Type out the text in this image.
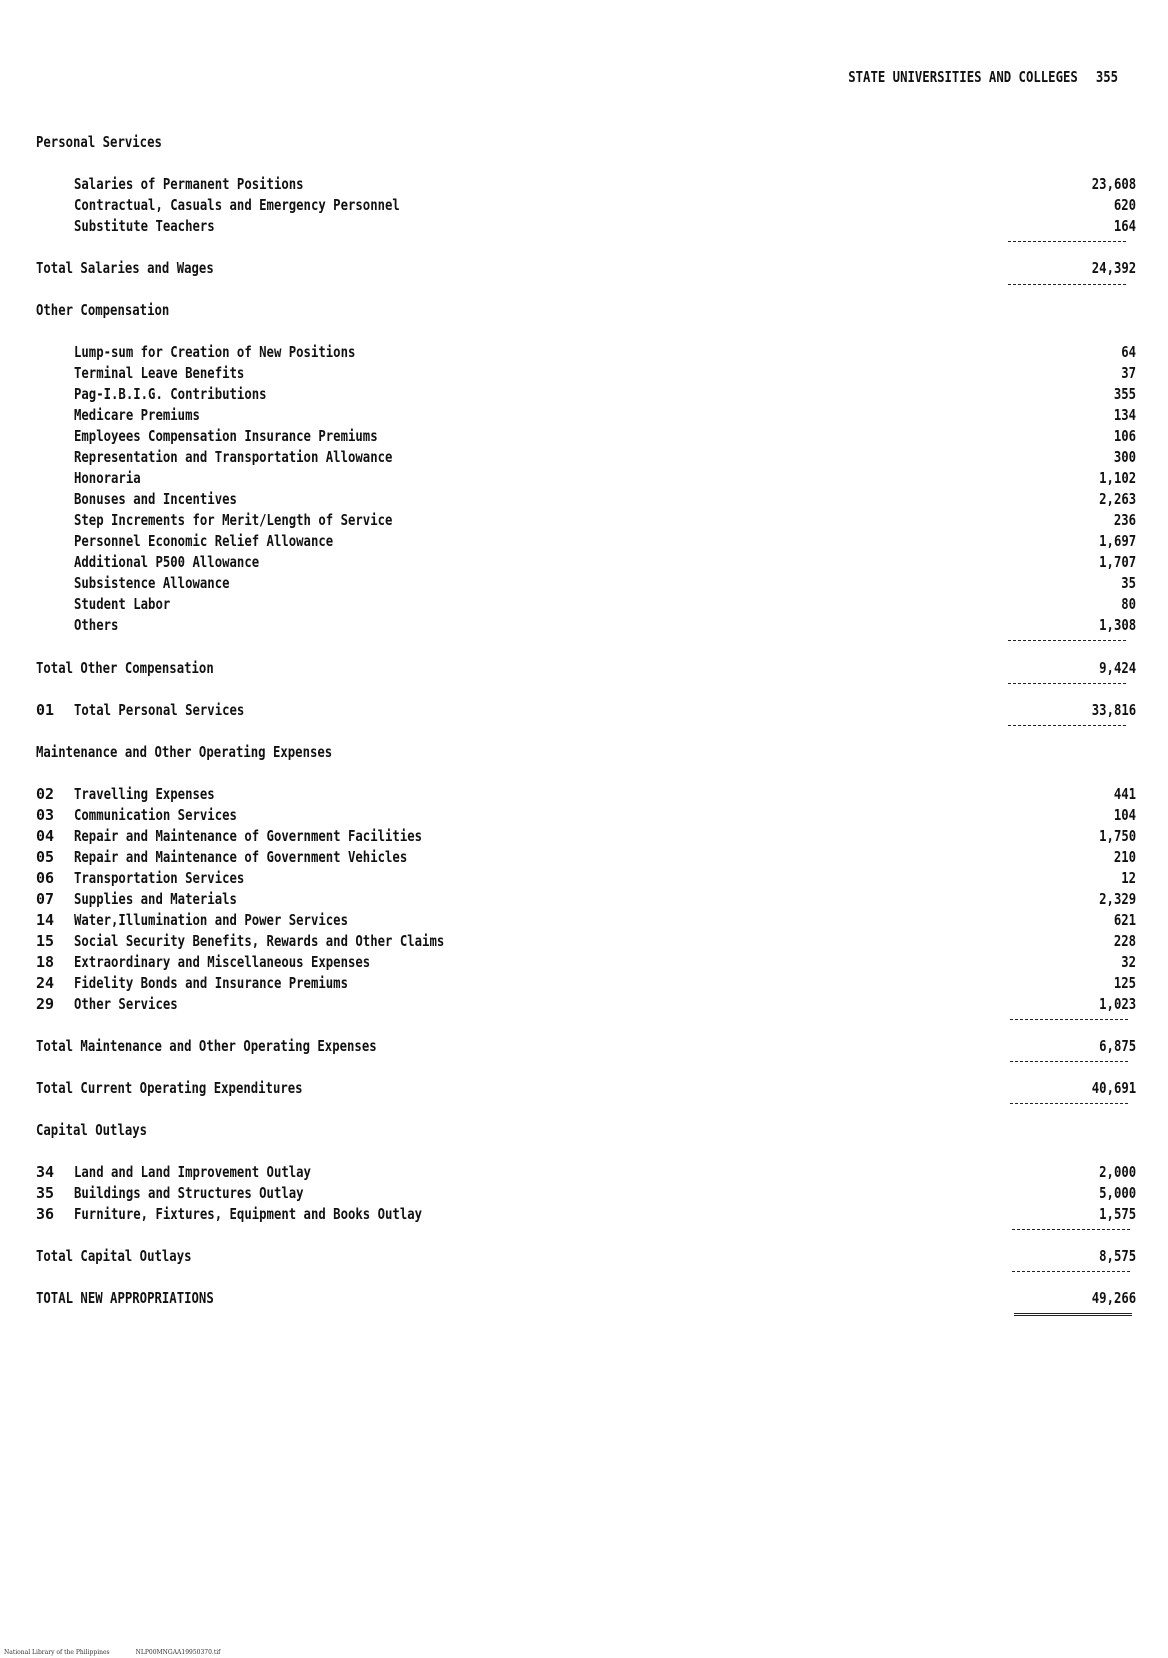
STATE UNIVERSITIES AND COLLEGES 355
Personal Services
Salaries of Permanent Positions	23,608
Contractual, Casuals and Emergency Personnel	620
Substitute Teachers	164
Total Salaries and Wages	24,392
Other Compensation
Lump-sum for Creation of New Positions	64
Terminal Leave Benefits	37
Pag-I.B.I.G. Contributions	355
Medicare Premiums	134
Employees Compensation Insurance Premiums	106
Representation and Transportation Allowance	300
Honoraria	1,102
Bonuses and Incentives	2,263
Step Increments for Merit/Length of Service	236
Personnel Economic Relief Allowance	1,697
Additional P500 Allowance	1,707
Subsistence Allowance	35
Student Labor	80
Others	1,308
Total Other Compensation	9,424
01	Total Personal Services	33,816
Maintenance and Other Operating Expenses
02	Travelling Expenses	441
03	Communication Services	104
04	Repair and Maintenance of Government Facilities	1,750
05	Repair and Maintenance of Government Vehicles	210
06	Transportation Services	12
07	Supplies and Materials	2,329
14	Water,Illumination and Power Services	621
15	Social Security Benefits, Rewards and Other Claims	228
18	Extraordinary and Miscellaneous Expenses	32
24	Fidelity Bonds and Insurance Premiums	125
29	Other Services	1,023
Total Maintenance and Other Operating Expenses	6,875
Total Current Operating Expenditures	40,691
Capital Outlays
34	Land and Land Improvement Outlay	2,000
35	Buildings and Structures Outlay	5,000
36	Furniture, Fixtures, Equipment and Books Outlay	1,575
Total Capital Outlays	8,575
TOTAL NEW APPROPRIATIONS	49,266
National Library of the Philippines	NLP00MNGAA19950370.tif
